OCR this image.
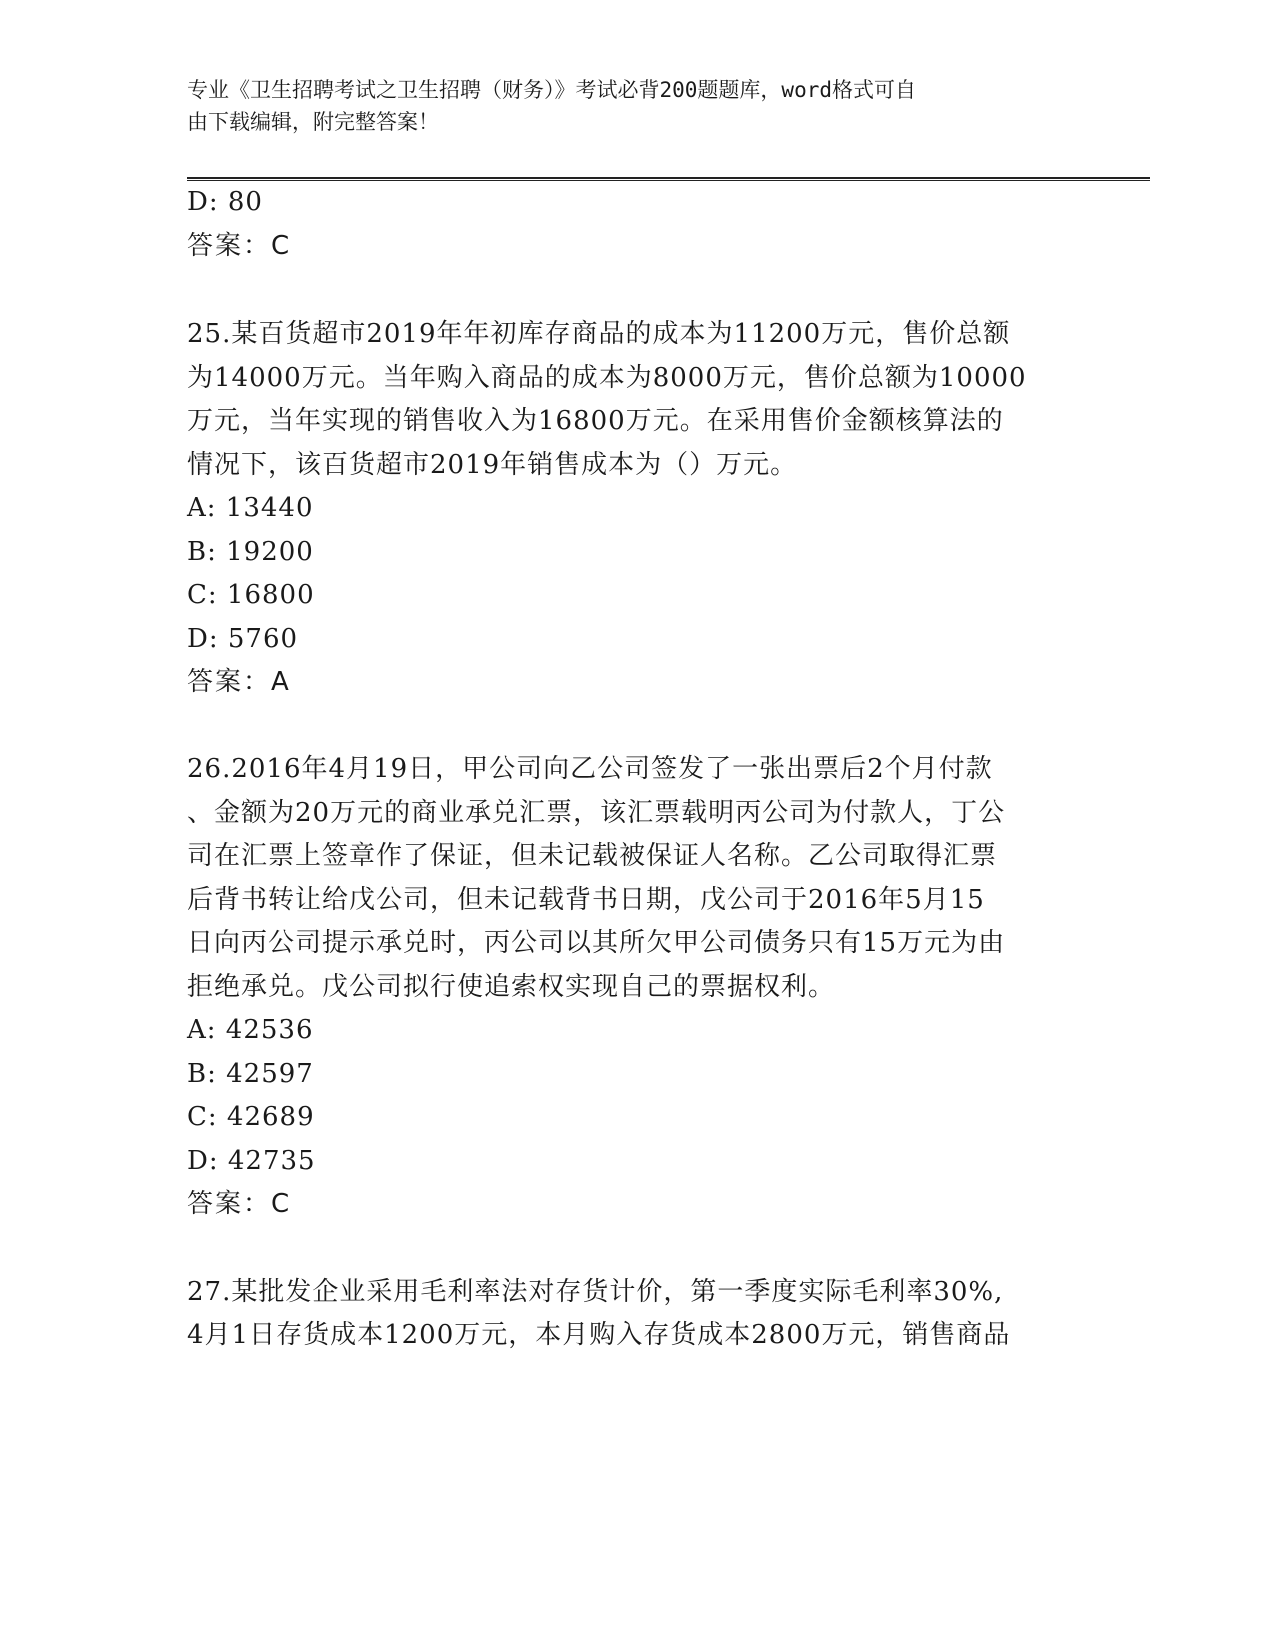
专业《卫生招聘考试之卫生招聘（财务）》考试必背200题题库，word格式可自
由下载编辑，附完整答案！
D: 80
答案：C
25.某百货超市2019年年初库存商品的成本为11200万元，售价总额
为14000万元。当年购入商品的成本为8000万元，售价总额为10000
万元，当年实现的销售收入为16800万元。在采用售价金额核算法的
情况下，该百货超市2019年销售成本为（）万元。
A: 13440
B: 19200
C: 16800
D: 5760
答案：A
26.2016年4月19日，甲公司向乙公司签发了一张出票后2个月付款
、金额为20万元的商业承兑汇票，该汇票载明丙公司为付款人，丁公
司在汇票上签章作了保证，但未记载被保证人名称。乙公司取得汇票
后背书转让给戊公司，但未记载背书日期，戊公司于2016年5月15
日向丙公司提示承兑时，丙公司以其所欠甲公司债务只有15万元为由
拒绝承兑。戊公司拟行使追索权实现自己的票据权利。
A: 42536
B: 42597
C: 42689
D: 42735
答案：C
27.某批发企业采用毛利率法对存货计价，第一季度实际毛利率30%,
4月1日存货成本1200万元，本月购入存货成本2800万元，销售商品
